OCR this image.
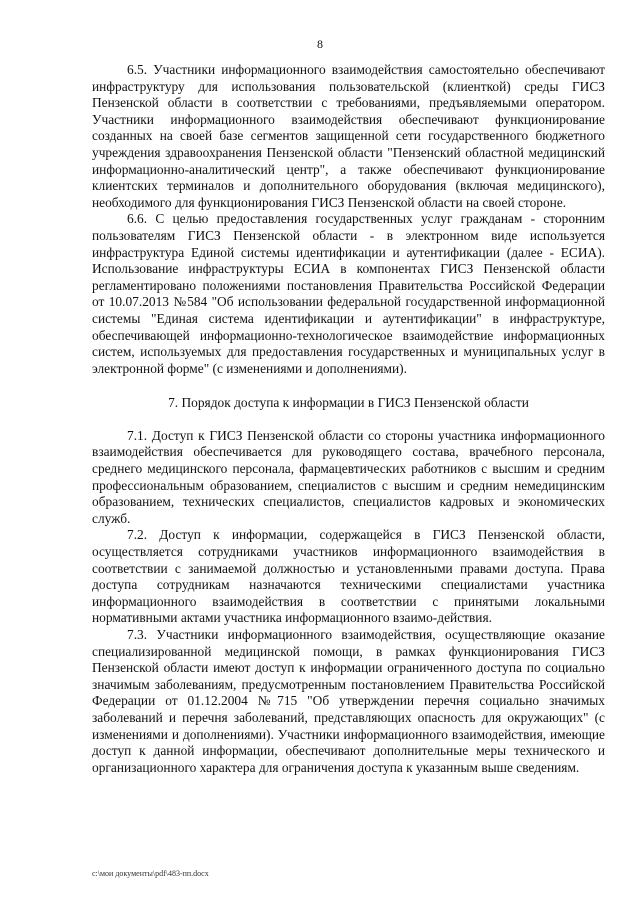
8

6.5. Участники информационного взаимодействия самостоятельно обеспечивают инфраструктуру для использования пользовательской (клиенткой) среды ГИСЗ Пензенской области в соответствии с требованиями, предъявляемыми оператором. Участники информационного взаимодействия обеспечивают функционирование созданных на своей базе сегментов защищенной сети государственного бюджетного учреждения здравоохранения Пензенской области "Пензенский областной медицинский информационно-аналитический центр", а также обеспечивают функционирование клиентских терминалов и дополнительного оборудования (включая медицинского), необходимого для функционирования ГИСЗ Пензенской области на своей стороне.

6.6. С целью предоставления государственных услуг гражданам - сторонним пользователям ГИСЗ Пензенской области - в электронном виде используется инфраструктура Единой системы идентификации и аутентификации (далее - ЕСИА). Использование инфраструктуры ЕСИА в компонентах ГИСЗ Пензенской области регламентировано положениями постановления Правительства Российской Федерации от 10.07.2013 №584 "Об использовании федеральной государственной информационной системы "Единая система идентификации и аутентификации" в инфраструктуре, обеспечивающей информационно-технологическое взаимодействие информационных систем, используемых для предоставления государственных и муниципальных услуг в электронной форме" (с изменениями и дополнениями).

7. Порядок доступа к информации в ГИСЗ Пензенской области

7.1. Доступ к ГИСЗ Пензенской области со стороны участника информационного взаимодействия обеспечивается для руководящего состава, врачебного персонала, среднего медицинского персонала, фармацевтических работников с высшим и средним профессиональным образованием, специалистов с высшим и средним немедицинским образованием, технических специалистов, специалистов кадровых и экономических служб.

7.2. Доступ к информации, содержащейся в ГИСЗ Пензенской области, осуществляется сотрудниками участников информационного взаимодействия в соответствии с занимаемой должностью и установленными правами доступа. Права доступа сотрудникам назначаются техническими специалистами участника информационного взаимодействия в соответствии с принятыми локальными нормативными актами участника информационного взаимо-действия.

7.3. Участники информационного взаимодействия, осуществляющие оказание специализированной медицинской помощи, в рамках функционирования ГИСЗ Пензенской области имеют доступ к информации ограниченного доступа по социально значимым заболеваниям, предусмотренным постановлением Правительства Российской Федерации от 01.12.2004 №715 "Об утверждении перечня социально значимых заболеваний и перечня заболеваний, представляющих опасность для окружающих" (с изменениями и дополнениями). Участники информационного взаимодействия, имеющие доступ к данной информации, обеспечивают дополнительные меры технического и организационного характера для ограничения доступа к указанным выше сведениям.

c:\мои документы\pdf\483-пп.docx
